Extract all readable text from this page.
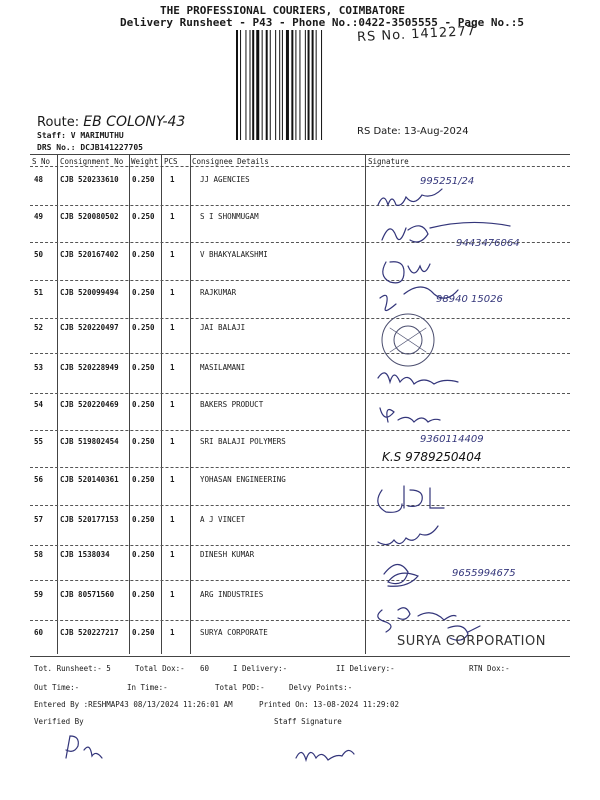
THE PROFESSIONAL COURIERS, COIMBATORE
Delivery Runsheet - P43 - Phone No.:0422-3505555 - Page No.:5
RS No. 1412277
Route: EB COLONY-43
Staff: V MARIMUTHU
DRS No.: DCJB141227705
RS Date: 13-Aug-2024
S No Consignment No Weight PCS Consignee Details	Signature
48 CJB 520233610 0.250 1	JJ AGENCIES	995251/24
49 CJB 520080502 0.250 1	S I SHONMUGAM
9443476064
50 CJB 520167402 0.250 1	V BHAKYALAKSHMI
51 CJB 520099494 0.250 1	RAJKUMAR
98940 15026
52 CJB 520220497 0.250 1	JAI BALAJI
53 CJB 520228949 0.250 1	MASILAMANI
54 CJB 520220469 0.250 1	BAKERS PRODUCT
9360114409
55 CJB 519802454 0.250 1	SRI BALAJI POLYMERS
K.S 9789250404
56 CJB 520140361 0.250 1	YOHASAN ENGINEERING
57 CJB 520177153 0.250 1	A J VINCET
58 CJB 1538034	0.250 1	DINESH KUMAR
9655994675
59 CJB 80571560 0.250 1	ARG INDUSTRIES
60 CJB 520227217 0.250 1	SURYA CORPORATE
SURYA CORPORATION
Tot. Runsheet:- 5	Total Dox:- 60	I Delivery:-	II Delivery:-	RTN Dox:-
Out Time:-	In Time:-	Total POD:-	Delvy Points:-
Entered By :RESHMAP43 08/13/2024 11:26:01 AM	Printed On: 13-08-2024 11:29:02
Verified By	Staff Signature
